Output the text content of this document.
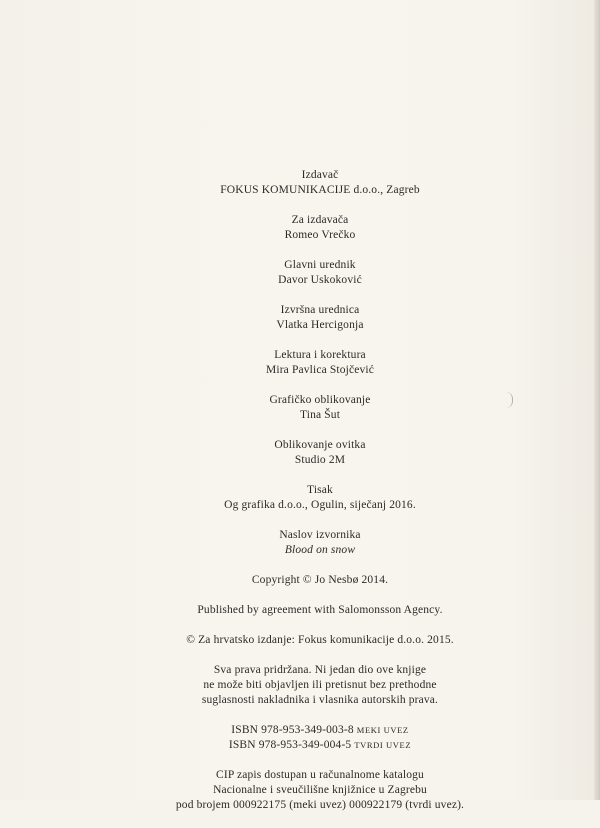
Izdavač

FOKUS KOMUNIKACIJE d.o.o., Zagreb

Za izdavača

Romeo Vrečko

Glavni urednik

Davor Uskoković

Izvršna urednica

Vlatka Hercigonja

Lektura i korektura

Mira Pavlica Stojčević

Grafičko oblikovanje

Tina Šut

Oblikovanje ovitka

Studio 2M

Tisak

Og grafika d.o.o., Ogulin, siječanj 2016.

Naslov izvornika

Blood on snow

Copyright © Jo Nesbø 2014.

Published by agreement with Salomonsson Agency.

© Za hrvatsko izdanje: Fokus komunikacije d.o.o. 2015.

Sva prava pridržana. Ni jedan dio ove knjige

ne može biti objavljen ili pretisnut bez prethodne

suglasnosti nakladnika i vlasnika autorskih prava.

ISBN 978-953-349-003-8 MEKI UVEZ

ISBN 978-953-349-004-5 TVRDI UVEZ

CIP zapis dostupan u računalnome katalogu

Nacionalne i sveučilišne knjižnice u Zagrebu

pod brojem 000922175 (meki uvez) 000922179 (tvrdi uvez).
